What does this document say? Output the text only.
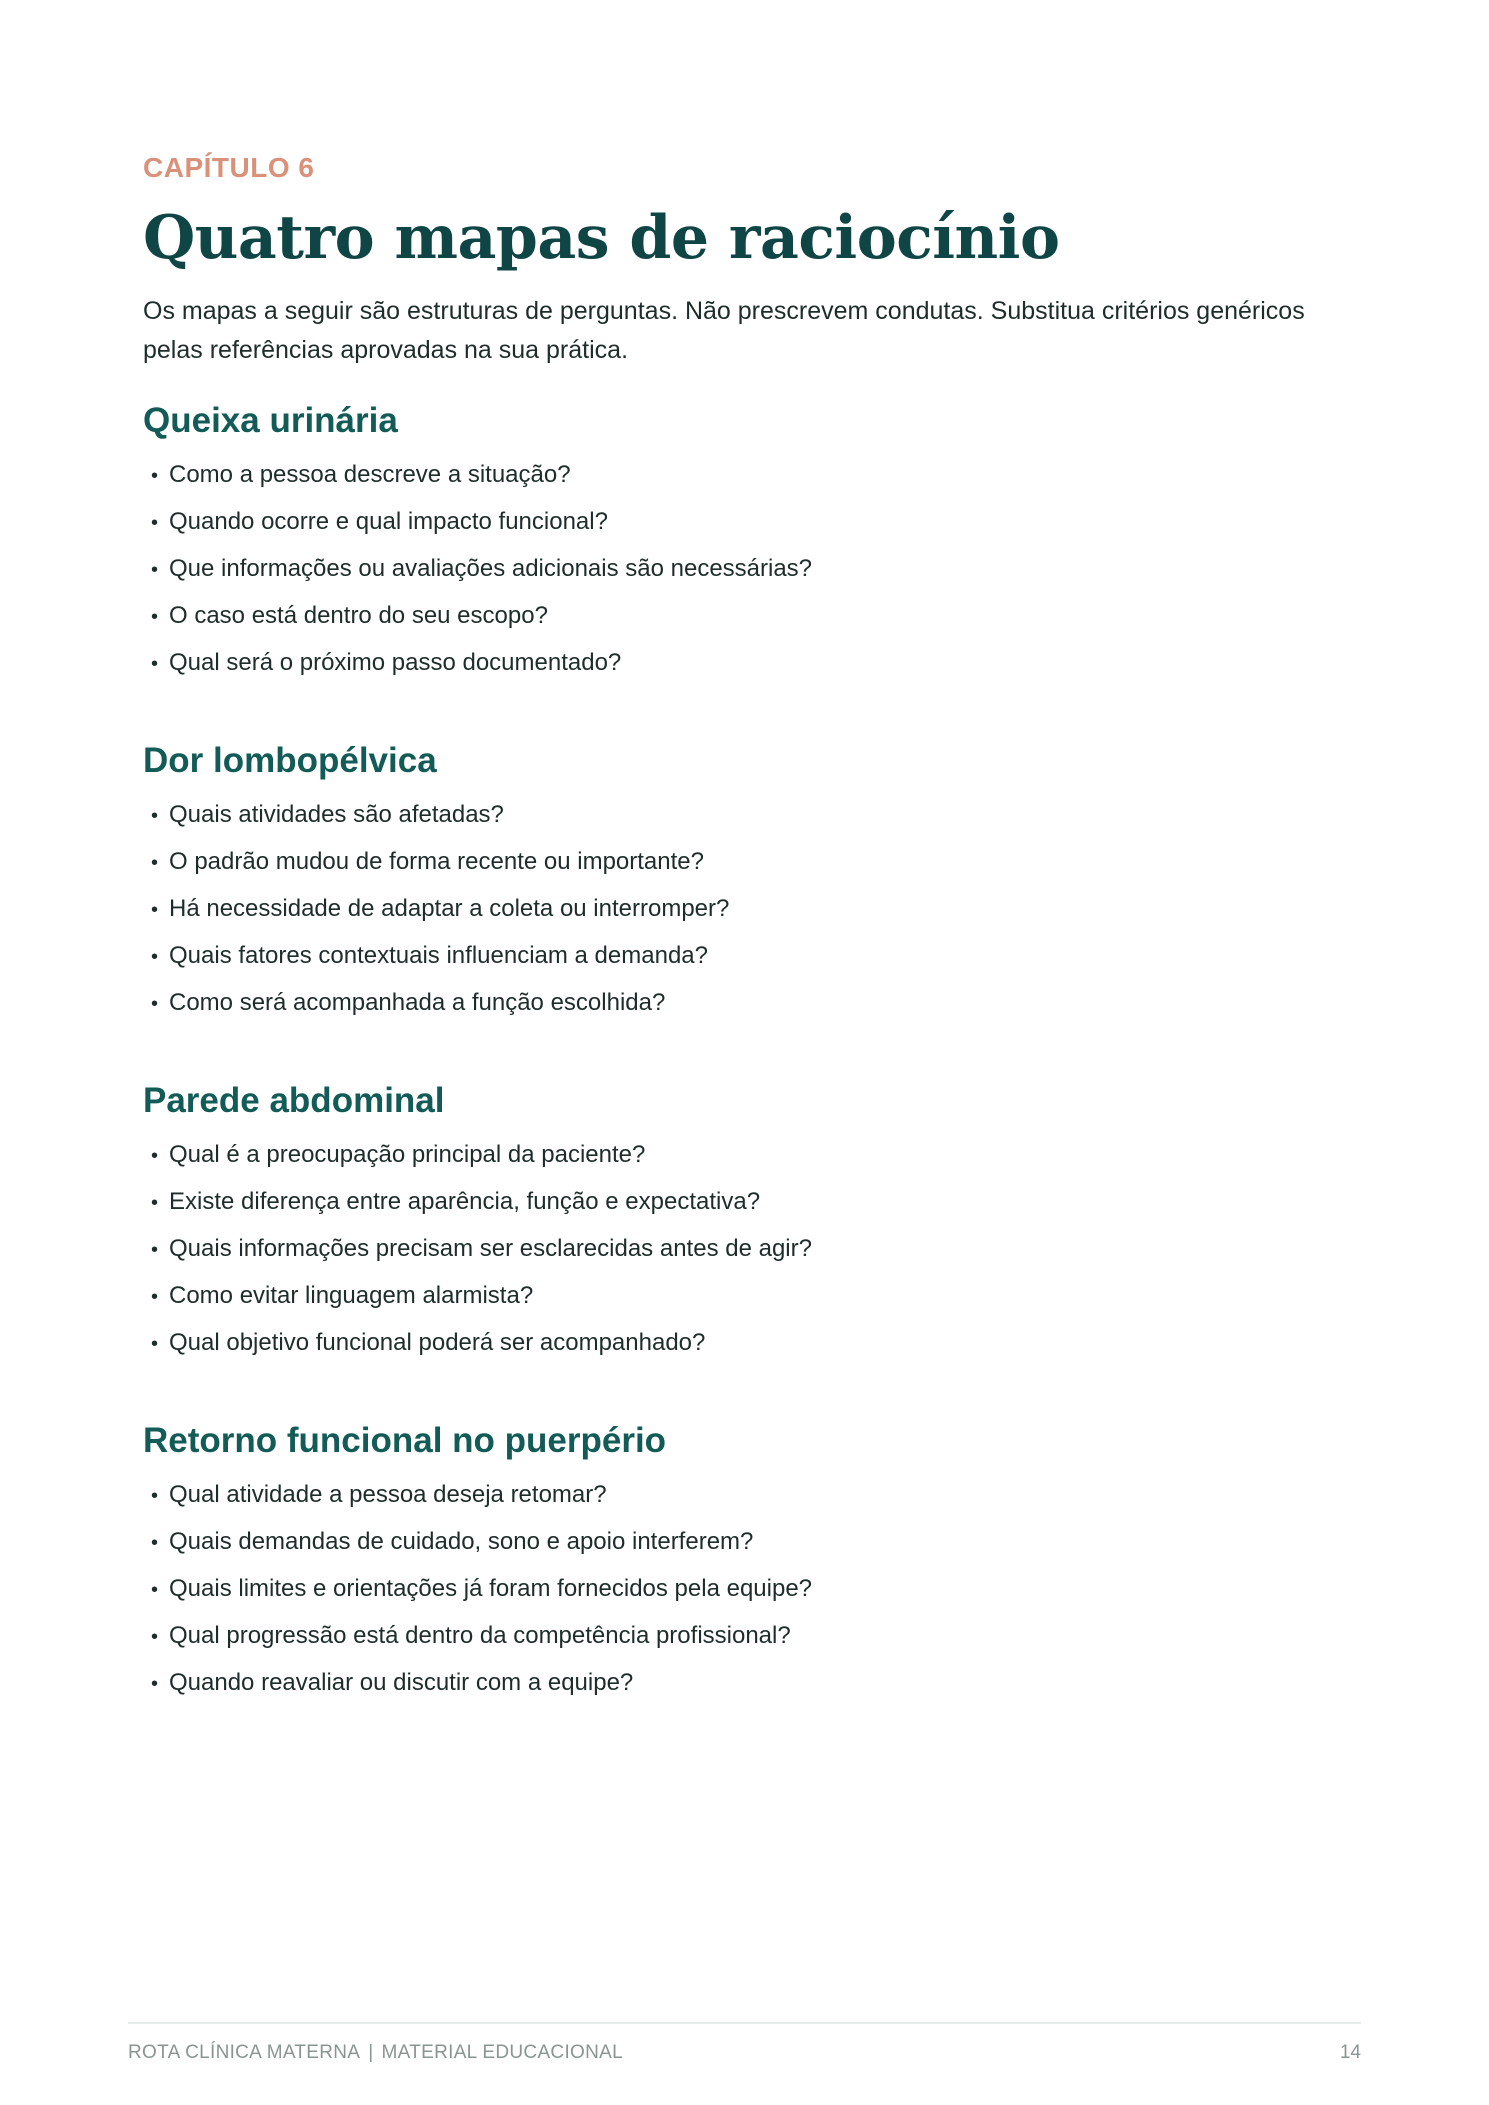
CAPÍTULO 6

Quatro mapas de raciocínio

Os mapas a seguir são estruturas de perguntas. Não prescrevem condutas. Substitua critérios genéricos pelas referências aprovadas na sua prática.

Queixa urinária
• Como a pessoa descreve a situação?
• Quando ocorre e qual impacto funcional?
• Que informações ou avaliações adicionais são necessárias?
• O caso está dentro do seu escopo?
• Qual será o próximo passo documentado?
Dor lombopélvica
• Quais atividades são afetadas?
• O padrão mudou de forma recente ou importante?
• Há necessidade de adaptar a coleta ou interromper?
• Quais fatores contextuais influenciam a demanda?
• Como será acompanhada a função escolhida?
Parede abdominal
• Qual é a preocupação principal da paciente?
• Existe diferença entre aparência, função e expectativa?
• Quais informações precisam ser esclarecidas antes de agir?
• Como evitar linguagem alarmista?
• Qual objetivo funcional poderá ser acompanhado?
Retorno funcional no puerpério
• Qual atividade a pessoa deseja retomar?
• Quais demandas de cuidado, sono e apoio interferem?
• Quais limites e orientações já foram fornecidos pela equipe?
• Qual progressão está dentro da competência profissional?
• Quando reavaliar ou discutir com a equipe?
ROTA CLÍNICA MATERNA | MATERIAL EDUCACIONAL	14
